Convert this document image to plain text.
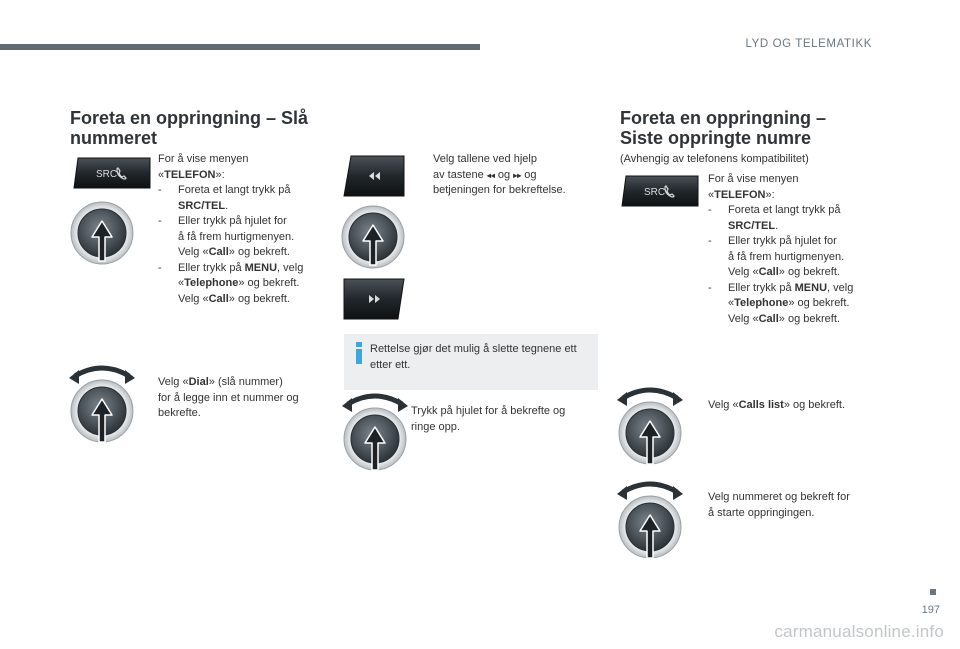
LYD OG TELEMATIKK
Foreta en oppringning – Slå
nummeret
SRC
For å vise menyen
«TELEFON»:
- Foreta et langt trykk på
SRC/TEL.
- Eller trykk på hjulet for
å få frem hurtigmenyen.
Velg «Call» og bekreft.
- Eller trykk på MENU, velg
«Telephone» og bekreft.
Velg «Call» og bekreft.
Velg «Dial» (slå nummer)
for å legge inn et nummer og
bekrefte.
Velg tallene ved hjelp
av tastene ◂◂ og ▸▸ og
betjeningen for bekreftelse.
Rettelse gjør det mulig å slette tegnene ett etter ett.
Trykk på hjulet for å bekrefte og
ringe opp.
Foreta en oppringning –
Siste oppringte numre
(Avhengig av telefonens kompatibilitet)
SRC
For å vise menyen
«TELEFON»:
- Foreta et langt trykk på
SRC/TEL.
- Eller trykk på hjulet for
å få frem hurtigmenyen.
Velg «Call» og bekreft.
- Eller trykk på MENU, velg
«Telephone» og bekreft.
Velg «Call» og bekreft.
Velg «Calls list» og bekreft.
Velg nummeret og bekreft for
å starte oppringingen.
197
carmanualsonline.info
